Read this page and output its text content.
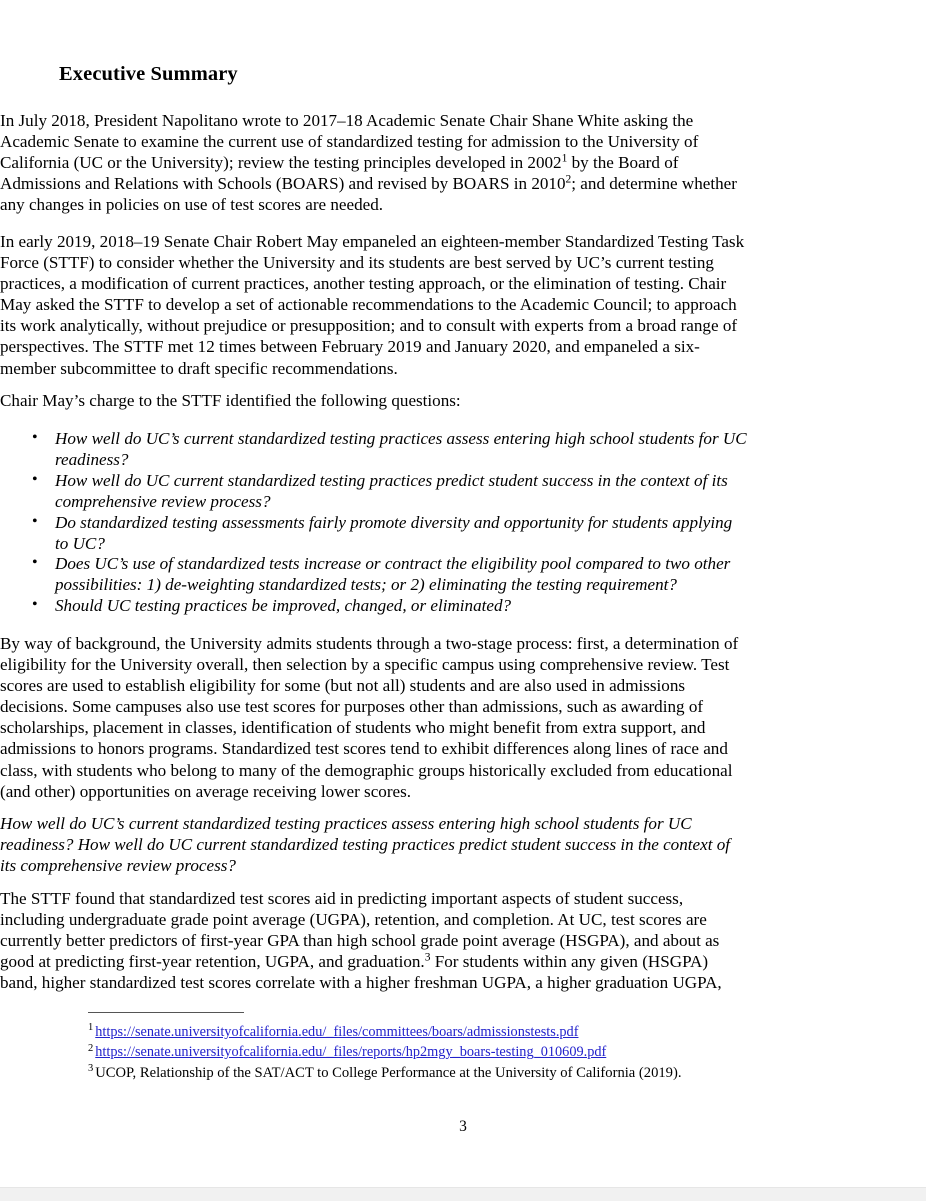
Executive Summary
In July 2018, President Napolitano wrote to 2017–18 Academic Senate Chair Shane White asking the Academic Senate to examine the current use of standardized testing for admission to the University of California (UC or the University); review the testing principles developed in 2002$^1$ by the Board of Admissions and Relations with Schools (BOARS) and revised by BOARS in 2010$^2$; and determine whether any changes in policies on use of test scores are needed.
In early 2019, 2018–19 Senate Chair Robert May empaneled an eighteen-member Standardized Testing Task Force (STTF) to consider whether the University and its students are best served by UC’s current testing practices, a modification of current practices, another testing approach, or the elimination of testing. Chair May asked the STTF to develop a set of actionable recommendations to the Academic Council; to approach its work analytically, without prejudice or presupposition; and to consult with experts from a broad range of perspectives. The STTF met 12 times between February 2019 and January 2020, and empaneled a six-member subcommittee to draft specific recommendations.
Chair May’s charge to the STTF identified the following questions:
• How well do UC’s current standardized testing practices assess entering high school students for UC readiness?
• How well do UC current standardized testing practices predict student success in the context of its comprehensive review process?
• Do standardized testing assessments fairly promote diversity and opportunity for students applying to UC?
• Does UC’s use of standardized tests increase or contract the eligibility pool compared to two other possibilities: 1) de-weighting standardized tests; or 2) eliminating the testing requirement?
• Should UC testing practices be improved, changed, or eliminated?
By way of background, the University admits students through a two-stage process: first, a determination of eligibility for the University overall, then selection by a specific campus using comprehensive review. Test scores are used to establish eligibility for some (but not all) students and are also used in admissions decisions. Some campuses also use test scores for purposes other than admissions, such as awarding of scholarships, placement in classes, identification of students who might benefit from extra support, and admissions to honors programs. Standardized test scores tend to exhibit differences along lines of race and class, with students who belong to many of the demographic groups historically excluded from educational (and other) opportunities on average receiving lower scores.
How well do UC’s current standardized testing practices assess entering high school students for UC readiness? How well do UC current standardized testing practices predict student success in the context of its comprehensive review process?
The STTF found that standardized test scores aid in predicting important aspects of student success, including undergraduate grade point average (UGPA), retention, and completion. At UC, test scores are currently better predictors of first-year GPA than high school grade point average (HSGPA), and about as good at predicting first-year retention, UGPA, and graduation.$^3$ For students within any given (HSGPA) band, higher standardized test scores correlate with a higher freshman UGPA, a higher graduation UGPA,
$^1$ https://senate.universityofcalifornia.edu/_files/committees/boars/admissionstests.pdf
$^2$ https://senate.universityofcalifornia.edu/_files/reports/hp2mgy_boars-testing_010609.pdf
$^3$ UCOP, Relationship of the SAT/ACT to College Performance at the University of California (2019).
3
